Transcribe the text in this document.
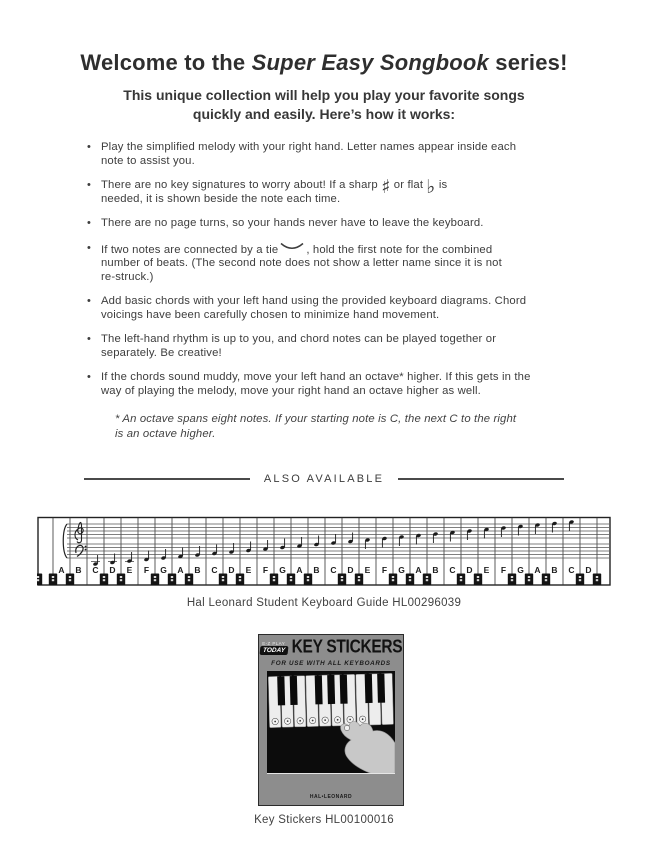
Welcome to the Super Easy Songbook series!
This unique collection will help you play your favorite songs
quickly and easily. Here’s how it works:
• Play the simplified melody with your right hand. Letter names appear inside each
note to assist you.
• There are no key signatures to worry about! If a sharp ♯ or flat ♭ is
needed, it is shown beside the note each time.
• There are no page turns, so your hands never have to leave the keyboard.
• If two notes are connected by a tie , hold the first note for the combined
number of beats. (The second note does not show a letter name since it is not
re-struck.)
• Add basic chords with your left hand using the provided keyboard diagrams. Chord
voicings have been carefully chosen to minimize hand movement.
• The left-hand rhythm is up to you, and chord notes can be played together or
separately. Be creative!
• If the chords sound muddy, move your left hand an octave* higher. If this gets in the
way of playing the melody, move your right hand an octave higher as well.
* An octave spans eight notes. If your starting note is C, the next C to the right
is an octave higher.
ALSO AVAILABLE
A B C D E F G A B C D E F G A B C D E F G A B C D E F G A B C D
Hal Leonard Student Keyboard Guide HL00296039
E-Z PLAY
TODAY KEY STICKERS
FOR USE WITH ALL KEYBOARDS
HAL•LEONARD
Key Stickers HL00100016
